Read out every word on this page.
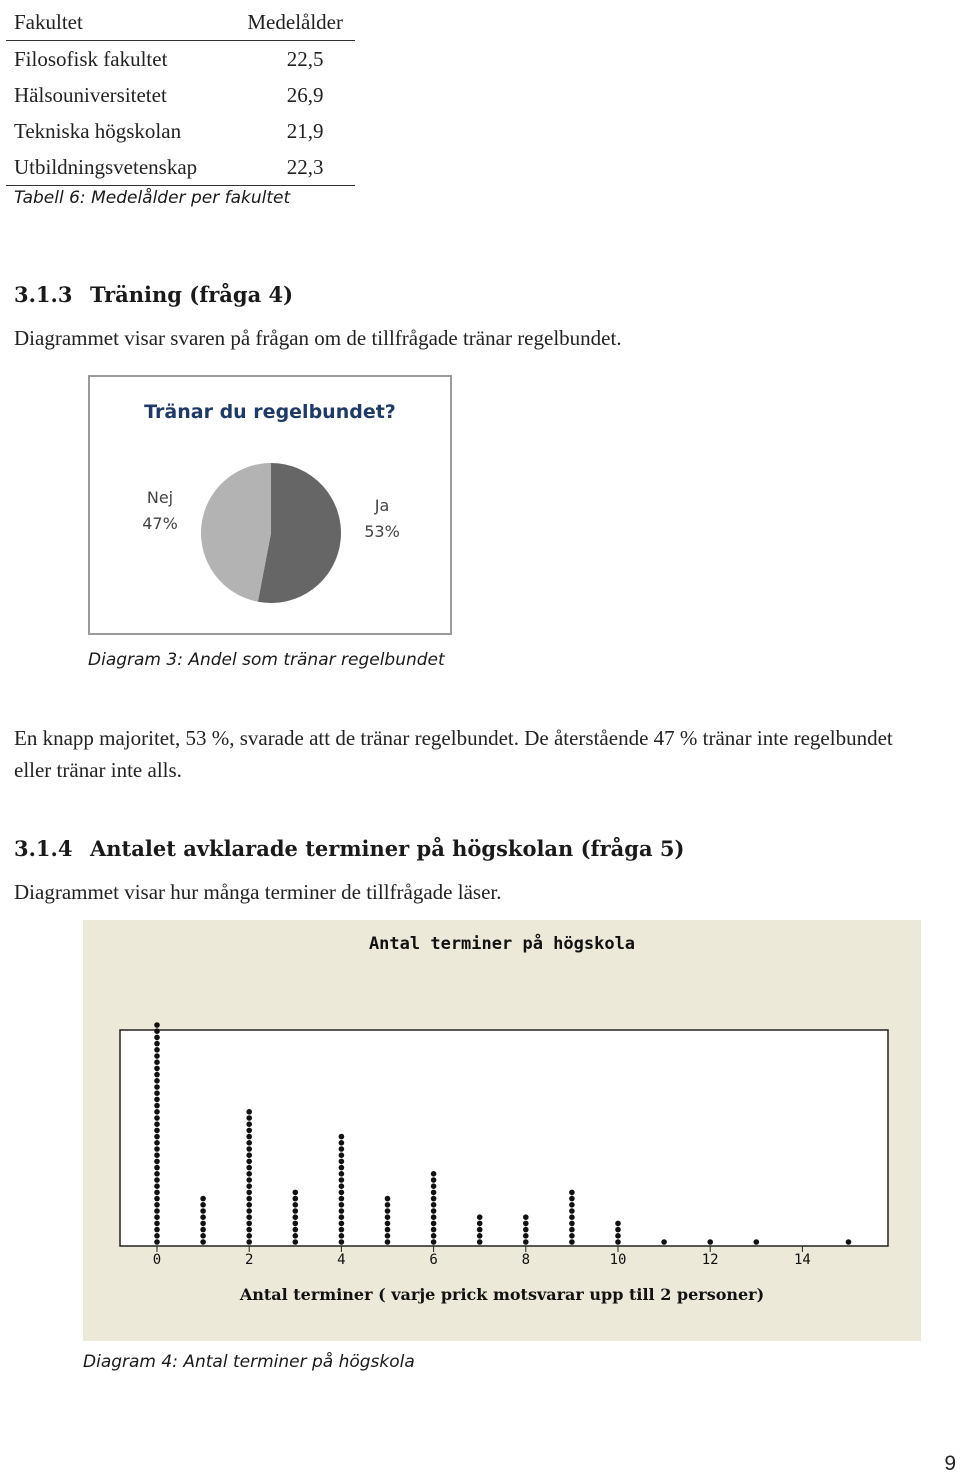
Fakultet	Medelålder
Filosofisk fakultet	22,5
Hälsouniversitetet	26,9
Tekniska högskolan	21,9
Utbildningsvetenskap	22,3
Tabell 6: Medelålder per fakultet
3.1.3 Träning (fråga 4)
Diagrammet visar svaren på frågan om de tillfrågade tränar regelbundet.
Tränar du regelbundet?
Nej
47%
Ja
53%
Diagram 3: Andel som tränar regelbundet
En knapp majoritet, 53 %, svarade att de tränar regelbundet. De återstående 47 % tränar inte regelbundet eller tränar inte alls.
3.1.4 Antalet avklarade terminer på högskolan (fråga 5)
Diagrammet visar hur många terminer de tillfrågade läser.
Antal terminer på högskola
0	2	4	6	8	10	12	14
Antal terminer ( varje prick motsvarar upp till 2 personer)
Diagram 4: Antal terminer på högskola
9
